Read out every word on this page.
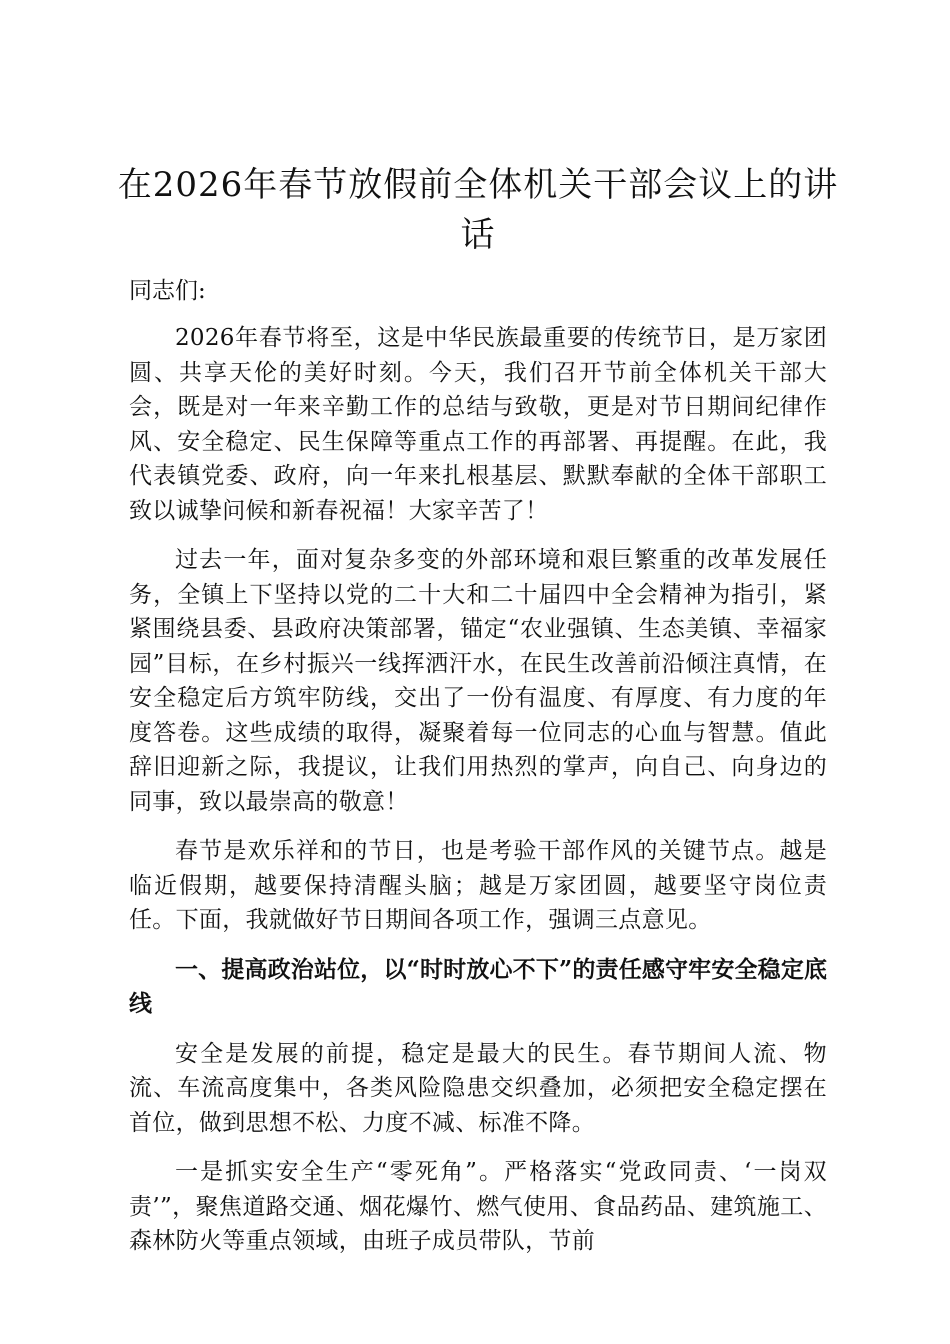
在2026年春节放假前全体机关干部会议上的讲话

同志们:

2026年春节将至，这是中华民族最重要的传统节日，是万家团圆、共享天伦的美好时刻。今天，我们召开节前全体机关干部大会，既是对一年来辛勤工作的总结与致敬，更是对节日期间纪律作风、安全稳定、民生保障等重点工作的再部署、再提醒。在此，我代表镇党委、政府，向一年来扎根基层、默默奉献的全体干部职工致以诚挚问候和新春祝福！大家辛苦了！

过去一年，面对复杂多变的外部环境和艰巨繁重的改革发展任务，全镇上下坚持以党的二十大和二十届四中全会精神为指引，紧紧围绕县委、县政府决策部署，锚定“农业强镇、生态美镇、幸福家园”目标，在乡村振兴一线挥洒汗水，在民生改善前沿倾注真情，在安全稳定后方筑牢防线，交出了一份有温度、有厚度、有力度的年度答卷。这些成绩的取得，凝聚着每一位同志的心血与智慧。值此辞旧迎新之际，我提议，让我们用热烈的掌声，向自己、向身边的同事，致以最崇高的敬意！

春节是欢乐祥和的节日，也是考验干部作风的关键节点。越是临近假期，越要保持清醒头脑；越是万家团圆，越要坚守岗位责任。下面，我就做好节日期间各项工作，强调三点意见。

一、提高政治站位，以“时时放心不下”的责任感守牢安全稳定底线

安全是发展的前提，稳定是最大的民生。春节期间人流、物流、车流高度集中，各类风险隐患交织叠加，必须把安全稳定摆在首位，做到思想不松、力度不减、标准不降。

一是抓实安全生产“零死角”。严格落实“党政同责、‘一岗双责’”，聚焦道路交通、烟花爆竹、燃气使用、食品药品、建筑施工、森林防火等重点领域，由班子成员带队，节前
